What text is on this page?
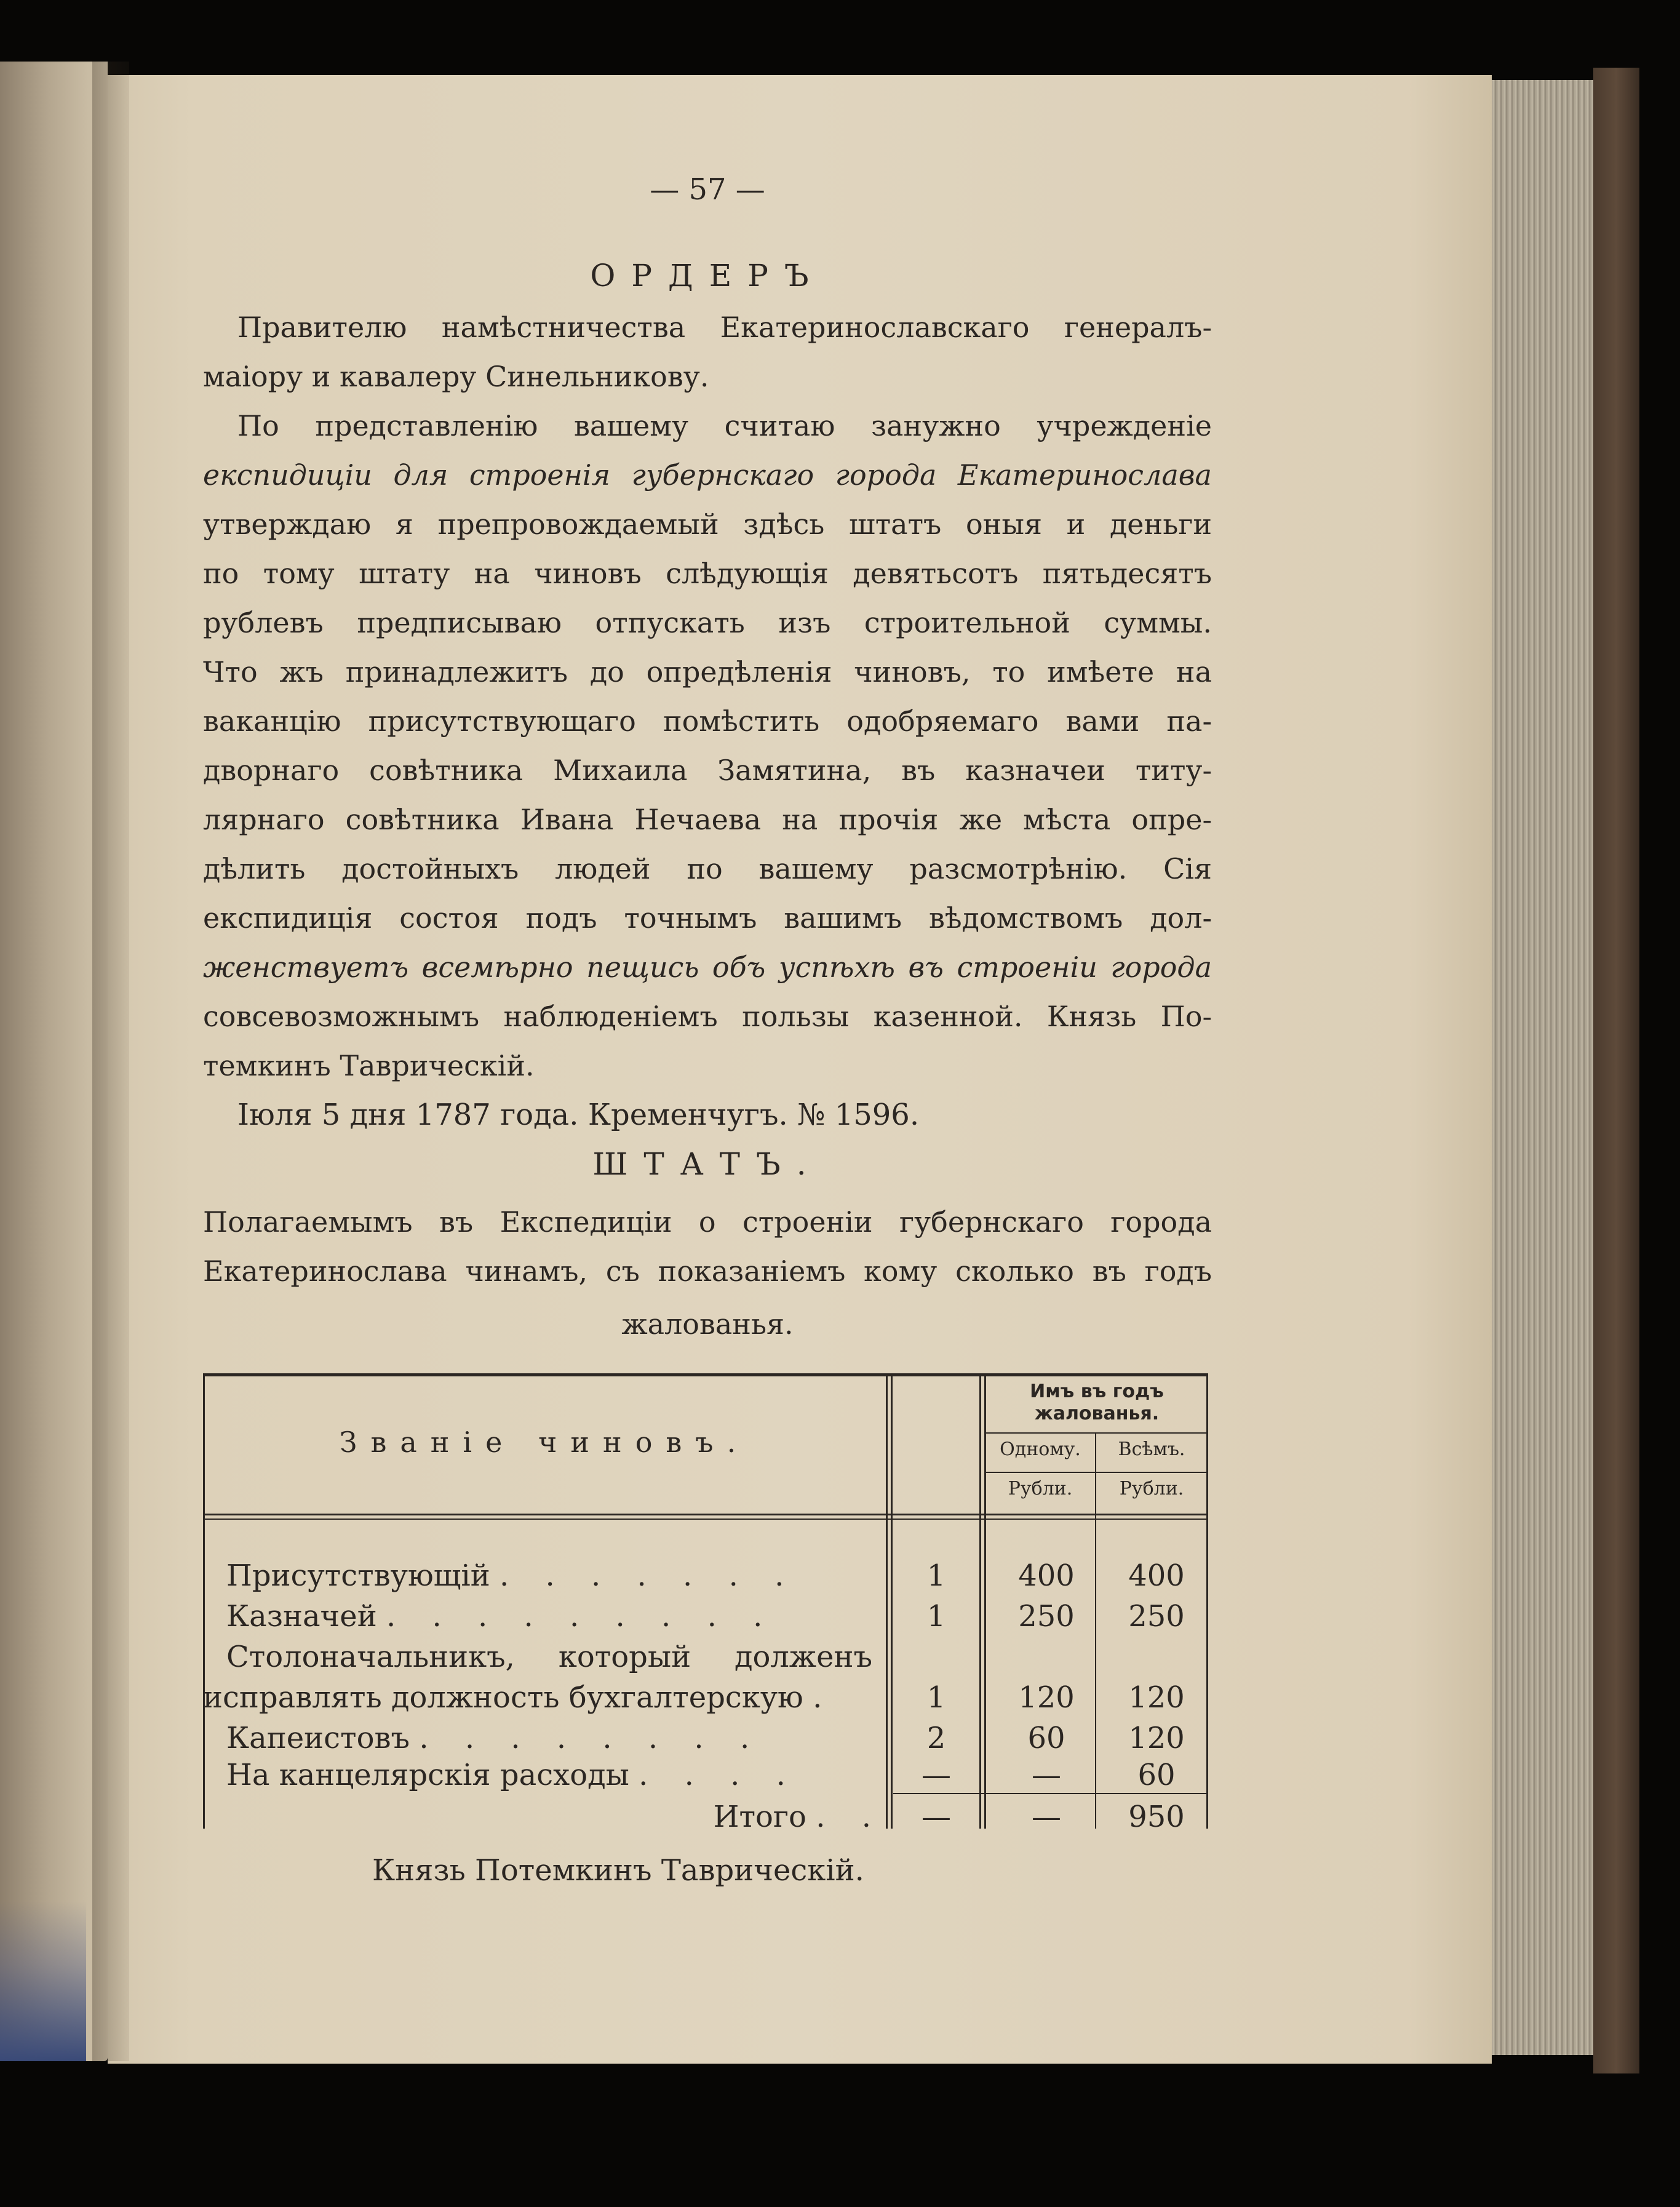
— 57 —

ОРДЕРЪ

Правителю намѣстничества Екатеринославскаго генералъ-

маіору и кавалеру Синельникову.

По представленію вашему считаю занужно учрежденіе

експидиціи для строенія губернскаго города Екатеринослава

утверждаю я препровождаемый здѣсь штатъ оныя и деньги

по тому штату на чиновъ слѣдующія девятьсотъ пятьдесятъ

рублевъ предписываю отпускать изъ строительной суммы.

Что жъ принадлежитъ до опредѣленія чиновъ, то имѣете на

ваканцію присутствующаго помѣстить одобряемаго вами па-

дворнаго совѣтника Михаила Замятина, въ казначеи титу-

лярнаго совѣтника Ивана Нечаева на прочія же мѣста опре-

дѣлить достойныхъ людей по вашему разсмотрѣнію. Сія

експидиція состоя подъ точнымъ вашимъ вѣдомствомъ дол-

женствуетъ всемѣрно пещись объ успѣхѣ въ строеніи города

совсевозможнымъ наблюденіемъ пользы казенной. Князь По-

темкинъ Таврическій.

Іюля 5 дня 1787 года. Кременчугъ. № 1596.

ШТАТЪ.

Полагаемымъ въ Експедиціи о строеніи губернскаго города

Екатеринослава чинамъ, съ показаніемъ кому сколько въ годъ

жалованья.

Званіе чиновъ.
Имъ въ годъ
жалованья.
Одному.	Всѣмъ.
Рубли.	Рубли.
Присутствующій . . . . . . .	1	400	400
Казначей . . . . . . . . .	1	250	250
Столоначальникъ, который долженъ
исправлять должность бухгалтерскую .	1	120	120
Капеистовъ . . . . . . . .	2	60	120
На канцелярскія расходы . . . .	—	—	60
Итого . .	—	—	950

Князь Потемкинъ Таврическій.
